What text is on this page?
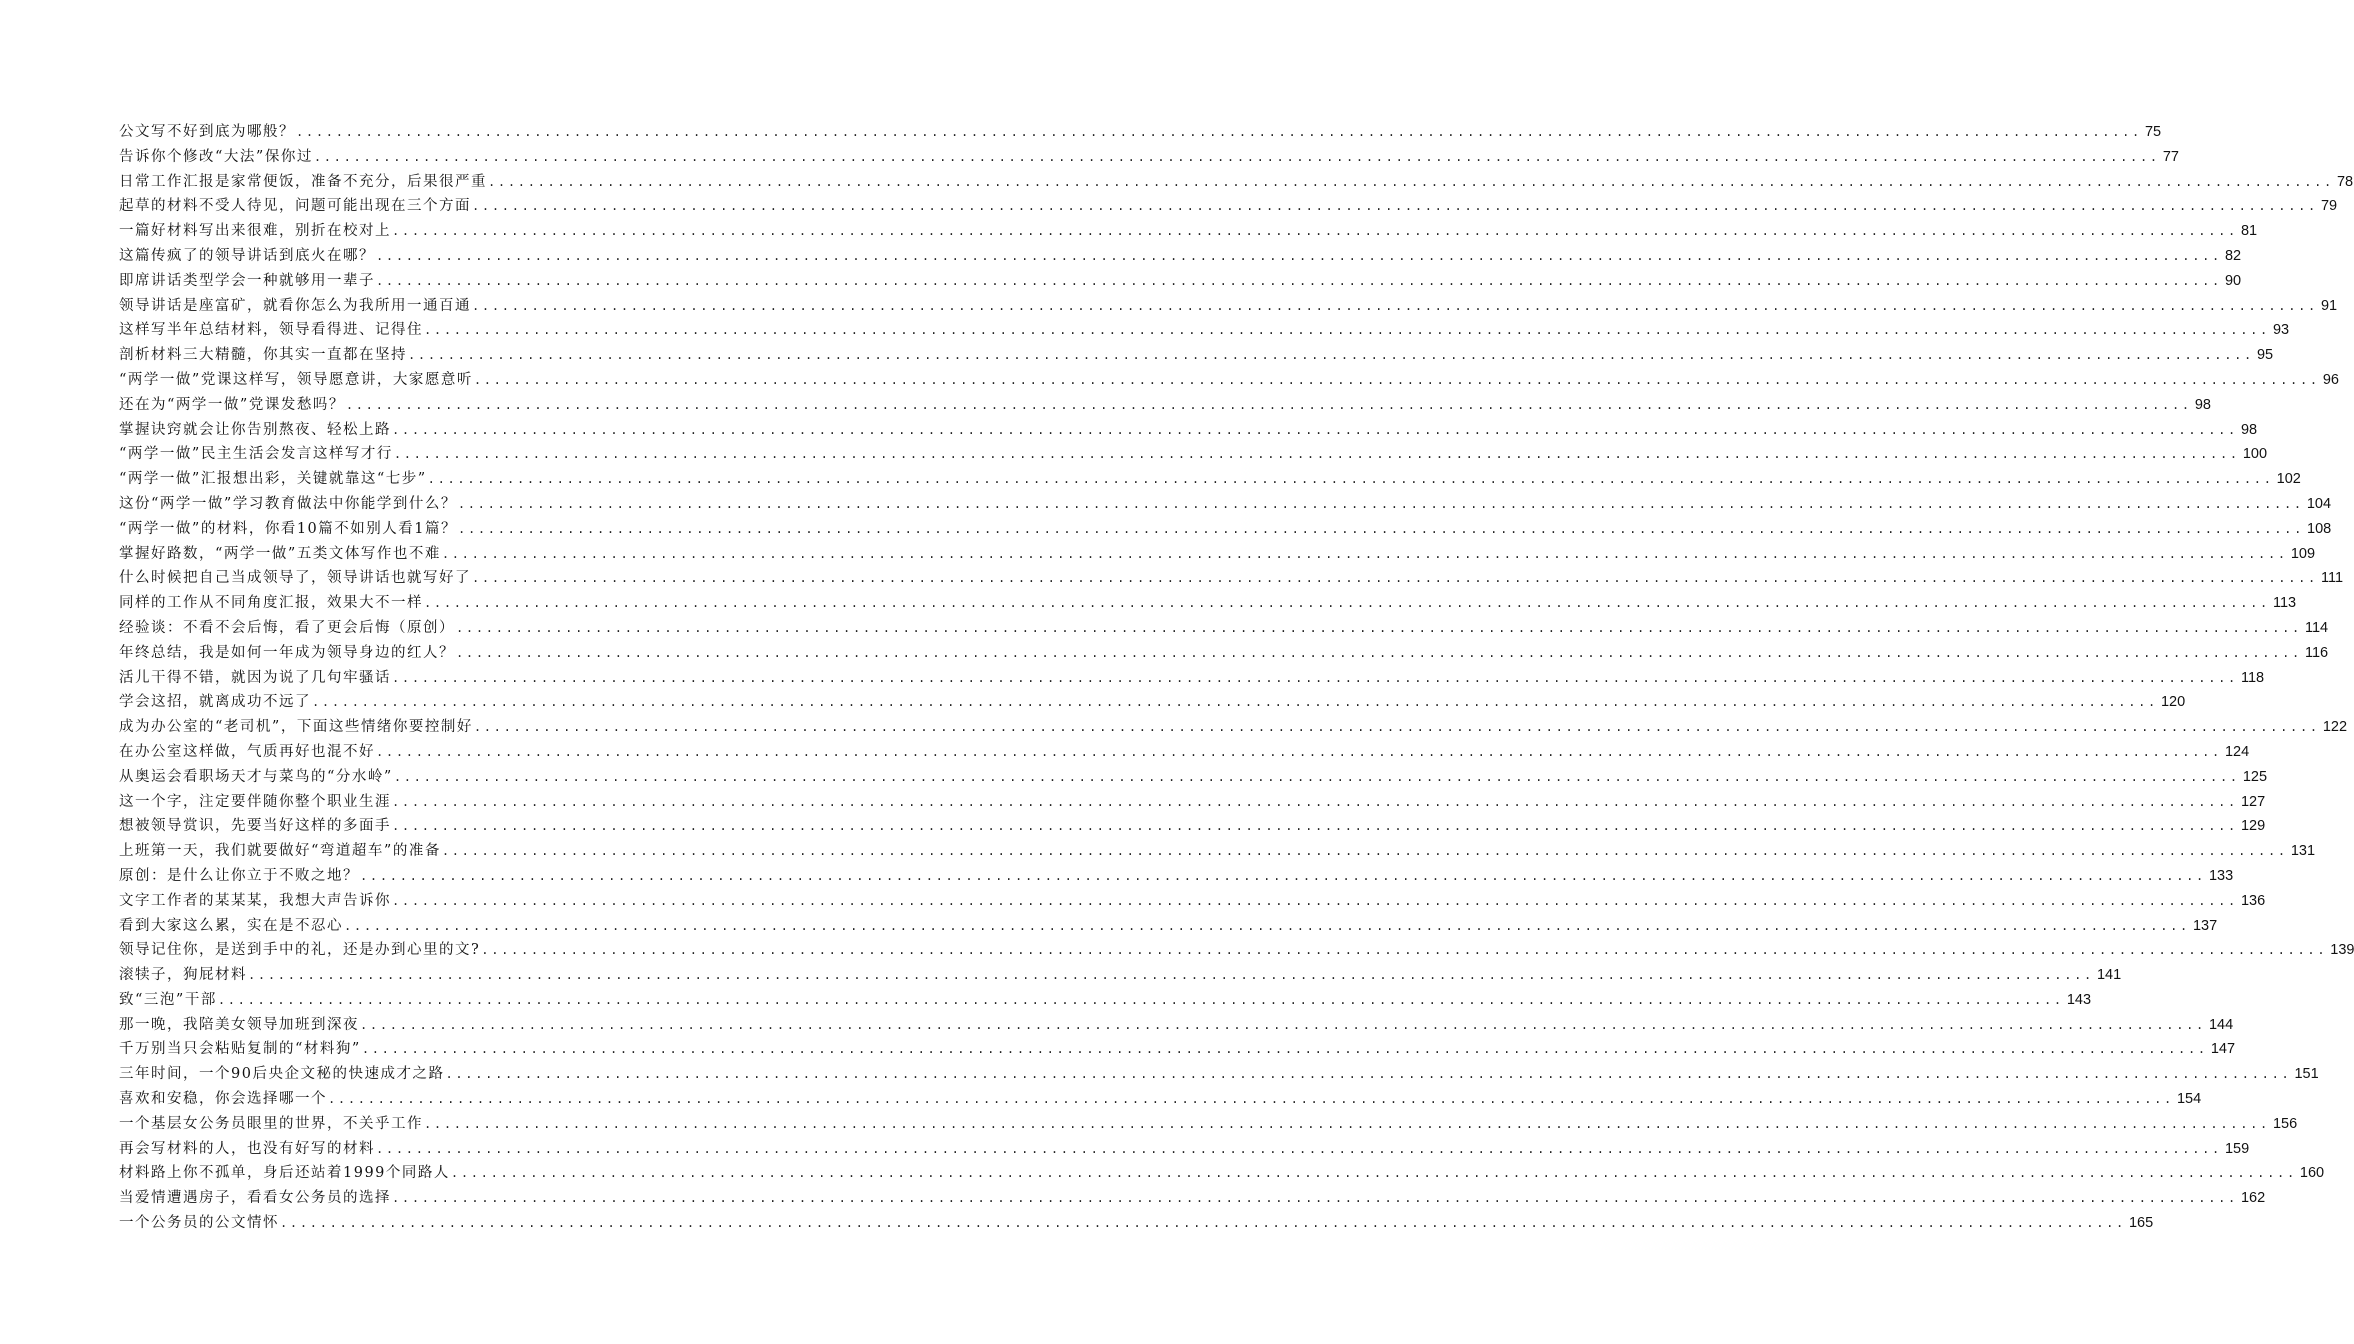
公文写不好到底为哪般？ .......................................................................................................................................................................................... 75
告诉你个修改“大法”保你过 .......................................................................................................................................................................................... 77
日常工作汇报是家常便饭，准备不充分，后果很严重 .......................................................................................................................................................................................... 78
起草的材料不受人待见，问题可能出现在三个方面 .......................................................................................................................................................................................... 79
一篇好材料写出来很难，别折在校对上 .......................................................................................................................................................................................... 81
这篇传疯了的领导讲话到底火在哪？ .......................................................................................................................................................................................... 82
即席讲话类型学会一种就够用一辈子 .......................................................................................................................................................................................... 90
领导讲话是座富矿，就看你怎么为我所用一通百通 .......................................................................................................................................................................................... 91
这样写半年总结材料，领导看得进、记得住 .......................................................................................................................................................................................... 93
剖析材料三大精髓，你其实一直都在坚持 .......................................................................................................................................................................................... 95
“两学一做”党课这样写，领导愿意讲，大家愿意听 .......................................................................................................................................................................................... 96
还在为“两学一做”党课发愁吗？ .......................................................................................................................................................................................... 98
掌握诀窍就会让你告别熬夜、轻松上路 .......................................................................................................................................................................................... 98
“两学一做”民主生活会发言这样写才行 .......................................................................................................................................................................................... 100
“两学一做”汇报想出彩，关键就靠这“七步” .......................................................................................................................................................................................... 102
这份“两学一做”学习教育做法中你能学到什么？ .......................................................................................................................................................................................... 104
“两学一做”的材料，你看10篇不如别人看1篇？ .......................................................................................................................................................................................... 108
掌握好路数，“两学一做”五类文体写作也不难 .......................................................................................................................................................................................... 109
什么时候把自己当成领导了，领导讲话也就写好了 .......................................................................................................................................................................................... 111
同样的工作从不同角度汇报，效果大不一样 .......................................................................................................................................................................................... 113
经验谈：不看不会后悔，看了更会后悔（原创） .......................................................................................................................................................................................... 114
年终总结，我是如何一年成为领导身边的红人？ .......................................................................................................................................................................................... 116
活儿干得不错，就因为说了几句牢骚话 .......................................................................................................................................................................................... 118
学会这招，就离成功不远了 .......................................................................................................................................................................................... 120
成为办公室的“老司机”，下面这些情绪你要控制好 .......................................................................................................................................................................................... 122
在办公室这样做，气质再好也混不好 .......................................................................................................................................................................................... 124
从奥运会看职场天才与菜鸟的“分水岭” .......................................................................................................................................................................................... 125
这一个字，注定要伴随你整个职业生涯 .......................................................................................................................................................................................... 127
想被领导赏识，先要当好这样的多面手 .......................................................................................................................................................................................... 129
上班第一天，我们就要做好“弯道超车”的准备 .......................................................................................................................................................................................... 131
原创：是什么让你立于不败之地？ .......................................................................................................................................................................................... 133
文字工作者的某某某，我想大声告诉你 .......................................................................................................................................................................................... 136
看到大家这么累，实在是不忍心 .......................................................................................................................................................................................... 137
领导记住你，是送到手中的礼，还是办到心里的文? .......................................................................................................................................................................................... 139
滚犊子，狗屁材料 .......................................................................................................................................................................................... 141
致“三泡”干部 .......................................................................................................................................................................................... 143
那一晚，我陪美女领导加班到深夜 .......................................................................................................................................................................................... 144
千万别当只会粘贴复制的“材料狗” .......................................................................................................................................................................................... 147
三年时间，一个90后央企文秘的快速成才之路 .......................................................................................................................................................................................... 151
喜欢和安稳，你会选择哪一个 .......................................................................................................................................................................................... 154
一个基层女公务员眼里的世界，不关乎工作 .......................................................................................................................................................................................... 156
再会写材料的人，也没有好写的材料 .......................................................................................................................................................................................... 159
材料路上你不孤单，身后还站着1999个同路人 .......................................................................................................................................................................................... 160
当爱情遭遇房子，看看女公务员的选择 .......................................................................................................................................................................................... 162
一个公务员的公文情怀 .......................................................................................................................................................................................... 165
